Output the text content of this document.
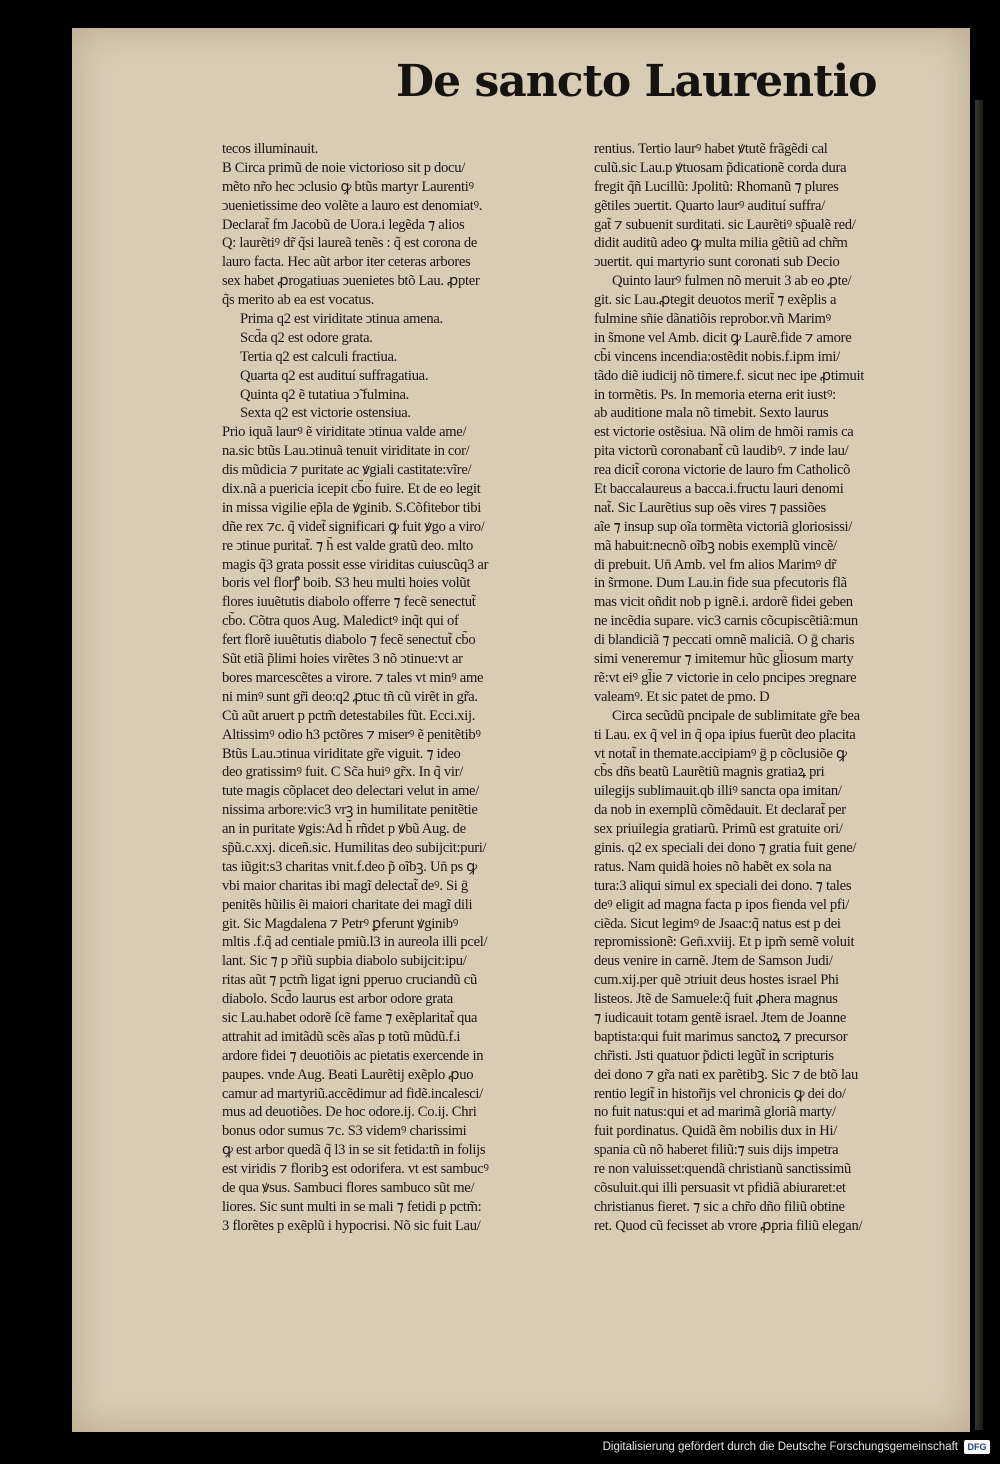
De sancto Laurentio
tecos illuminauit.
B Circa primũ de noie victorioso sit p docu/
mẽto nr̃o hec ↄclusio ꝙ btũs martyr Laurentiꝰ
ↄuenietissime deo volẽte a lauro est denomiatꝰ.
Declarat̃ fm Jacobũ de Uora.i legẽda ⁊ alios
Q: laurẽtiꝰ dr̃ q̃si laureã tenẽs : q̃ est corona de
lauro facta. Hec aũt arbor iter ceteras arbores
sex habet ꝓrogatiuas ↄuenietes btõ Lau. ꝓpter
q̃s merito ab ea est vocatus.
Prima q2 est viriditate ↄtinua amena.
Scd̃a q2 est odore grata.
Tertia q2 est calculi fractiua.
Quarta q2 est audituí suffragatiua.
Quinta q2 ẽ tutatiua ↄ̃ fulmina.
Sexta q2 est victorie ostensiua.
Prio iquã laurꝰ ẽ viriditate ↄtinua valde ame/
na.sic btũs Lau.ↄtinuã tenuit viriditate in cor/
dis mũdicia ⁊ puritate ac ꝟgiali castitate:vĩre/
dix.nã a puericia icepit cb̃o fuire. Et de eo legit
in missa vigilie ep̃la de ꝟginib. S.Cõfitebor tibi
dñe rex ⁊c. q̃ videt̃ significari ꝙ fuit ꝟgo a viro/
re ↄtinue puritat̃. ⁊ h̃ est valde gratũ deo. mlto
magis q̃3 grata possit esse viriditas cuiuscũq3 ar
boris vel florꝭ boib. S3 heu multi hoies volũt
flores iuuẽtutis diabolo offerre ⁊ fecẽ senectut̃
cb̃o. Cõtra quos Aug. Maledictꝰ inq̃t qui of
fert florẽ iuuẽtutis diabolo ⁊ fecẽ senectut̃ cb̃o
Sũt etiã p̃limi hoies virẽtes 3 nõ ↄtinue:vt ar
bores marcescẽtes a virore. ⁊ tales vt minꝰ ame
ni minꝰ sunt gr̃i deo:q2 ꝓtuc tñ cũ virẽt in gr̃a.
Cũ aũt aruert p pctm̃ detestabiles fũt. Ecci.xij.
Altissimꝰ odio h3 pctõres ⁊ miserꝰ ẽ penitẽtibꝰ
Btũs Lau.ↄtinua viriditate gr̃e viguit. ⁊ ideo
deo gratissimꝰ fuit. C Sc̃a huiꝰ gr̃x. In q̃ vir/
tute magis cõplacet deo delectari velut in ame/
nissima arbore:vic3 vrꝫ in humilitate penitẽtie
an in puritate ꝟgis:Ad h̃ rñdet p ꝟbũ Aug. de
sp̃ũ.c.xxj. diceñ.sic. Humilitas deo subijcit:puri/
tas iũgit:s3 charitas vnit.f.deo p̃ oĩbꝫ. Un̄ ps ꝙ
vbi maior charitas ibi magĩ delectat̃ deꝰ. Si ḡ
penitẽs hũilis ẽi maiori charitate dei magĩ dili
git. Sic Magdalena ⁊ Petrꝰ ꝑferunt ꝟginibꝰ
mltis .f.q̃ ad centiale pmiũ.l3 in aureola illi pcel/
lant. Sic ⁊ p ↄ̃riũ supbia diabolo subijcit:ipu/
ritas aũt ⁊ pctm̃ ligat igni pperuo cruciandũ cũ
diabolo. Scd̃o laurus est arbor odore grata
sic Lau.habet odorẽ ſcẽ fame ⁊ exẽplaritat̃ qua
attrahit ad imitãdũ scẽs aĩas p totũ mũdũ.f.i
ardore fidei ⁊ deuotiõis ac pietatis exercende in
paupes. vnde Aug. Beati Laurẽtij exẽplo ꝓuo
camur ad martyriũ.accẽdimur ad fidẽ.incalesci/
mus ad deuotiões. De hoc odore.ij. Co.ij. Chri
bonus odor sumus ⁊c. S3 videmꝰ charissimi
ꝙ est arbor quedã q̃ l3 in se sit fetida:tñ in folijs
est viridis ⁊ floribꝫ est odorifera. vt est sambucꝰ
de qua ꝟsus. Sambuci flores sambuco sũt me/
liores. Sic sunt multi in se mali ⁊ fetidi p pctm̃:
3 florẽtes p exẽplũ i hypocrisi. Nõ sic fuit Lau/
rentius. Tertio laurꝰ habet ꝟtutẽ frãgẽdi cal
culũ.sic Lau.p ꝟtuosam p̃dicationẽ corda dura
fregit q̃ñ Lucillũ: Jpolitũ: Rhomanũ ⁊ plures
gẽtiles ↄuertit. Quarto laurꝰ audituí suffra/
gat̃ ⁊ subuenit surditati. sic Laurẽtiꝰ sp̃ualẽ red/
didit auditũ adeo ꝙ multa milia gẽtiũ ad chr̃m
ↄuertit. qui martyrio sunt coronati sub Decio
Quinto laurꝰ fulmen nõ meruit 3 ab eo ꝓte/
git. sic Lau.ꝓtegit deuotos merit̃ ⁊ exẽplis a
fulmine sñie dãnatiõis reprobor.vñ Marimꝰ
in s̃mone vel Amb. dicit ꝙ Laurẽ.fide ⁊ amore
cb̃i vincens incendia:ostẽdit nobis.f.ipm imi/
tãdo diẽ iudicij nõ timere.f. sicut nec ipe ꝓtimuit
in tormẽtis. Ps. In memoria eterna erit iustꝰ:
ab auditione mala nõ timebit. Sexto laurus
est victorie ostẽsiua. Nã olim de hmõi ramis ca
pita victorũ coronabant̃ cũ laudibꝰ. ⁊ inde lau/
rea dicit̃ corona victorie de lauro fm Catholicõ
Et baccalaureus a bacca.i.fructu lauri denomi
nat̃. Sic Laurẽtius sup oẽs vires ⁊ passiões
aĩe ⁊ insup sup oĩa tormẽta victoriã gloriosissi/
mã habuit:necnõ oĩbꝫ nobis exemplũ vincẽ/
di prebuit. Un̄ Amb. vel fm alios Marimꝰ dr̃
in s̃rmone. Dum Lau.in fide sua pfecutoris flã
mas vicit oñdit nob p ignẽ.i. ardorẽ fidei geben
ne incẽdia supare. vic3 carnis cõcupiscẽtiã:mun
di blandiciã ⁊ peccati omnẽ maliciã. O ḡ charis
simi veneremur ⁊ imitemur hũc gl̃iosum marty
rẽ:vt eiꝰ gl̃ie ⁊ victorie in celo pncipes ↄregnare
valeamꝰ. Et sic patet de pmo. D
Circa secũdũ pncipale de sublimitate gr̃e bea
ti Lau. ex q̃ vel in q̃ opa ipius fuerũt deo placita
vt notat̃ in themate.accipiamꝰ ḡ p cõclusiõe ꝙ
cb̃s dñs beatũ Laurẽtiũ magnis gratiaꝝ pri
uilegijs sublimauit.qb illiꝰ sancta opa imitan/
da nob in exemplũ cõmẽdauit. Et declarat̃ per
sex priuilegia gratiarũ. Primũ est gratuite ori/
ginis. q2 ex speciali dei dono ⁊ gratia fuit gene/
ratus. Nam quidã hoies nõ habẽt ex sola na
tura:3 aliqui simul ex speciali dei dono. ⁊ tales
deꝰ eligit ad magna facta p ipos fienda vel pfi/
ciẽda. Sicut legimꝰ de Jsaac:q̃ natus est p dei
repromissionẽ: Gen̄.xviij. Et p ipm̃ semẽ voluit
deus venire in carnẽ. Jtem de Samson Judi/
cum.xij.per quẽ ↄtriuit deus hostes israel Phi
listeos. Jtẽ de Samuele:q̃ fuit ꝓhera magnus
⁊ iudicauit totam gentẽ israel. Jtem de Joanne
baptista:qui fuit marimus sanctoꝝ ⁊ precursor
chr̃isti. Jsti quatuor p̃dicti legũt̃ in scripturis
dei dono ⁊ gr̃a nati ex parẽtibꝫ. Sic ⁊ de btõ lau
rentio legit̃ in histor̃ijs vel chronicis ꝙ dei do/
no fuit natus:qui et ad marimã gloriã marty/
fuit pordinatus. Quidã ẽm nobilis dux in Hi/
spania cũ nõ haberet filiũ:⁊ suis dijs impetra
re non valuisset:quendã christianũ sanctissimũ
cõsuluit.qui illi persuasit vt pfidiã abiuraret:et
christianus fieret. ⁊ sic a chr̃o dño filiũ obtine
ret. Quod cũ fecisset ab vrore ꝓpria filiũ elegan/
Digitalisierung gefördert durch die Deutsche Forschungsgemeinschaft	DFG
